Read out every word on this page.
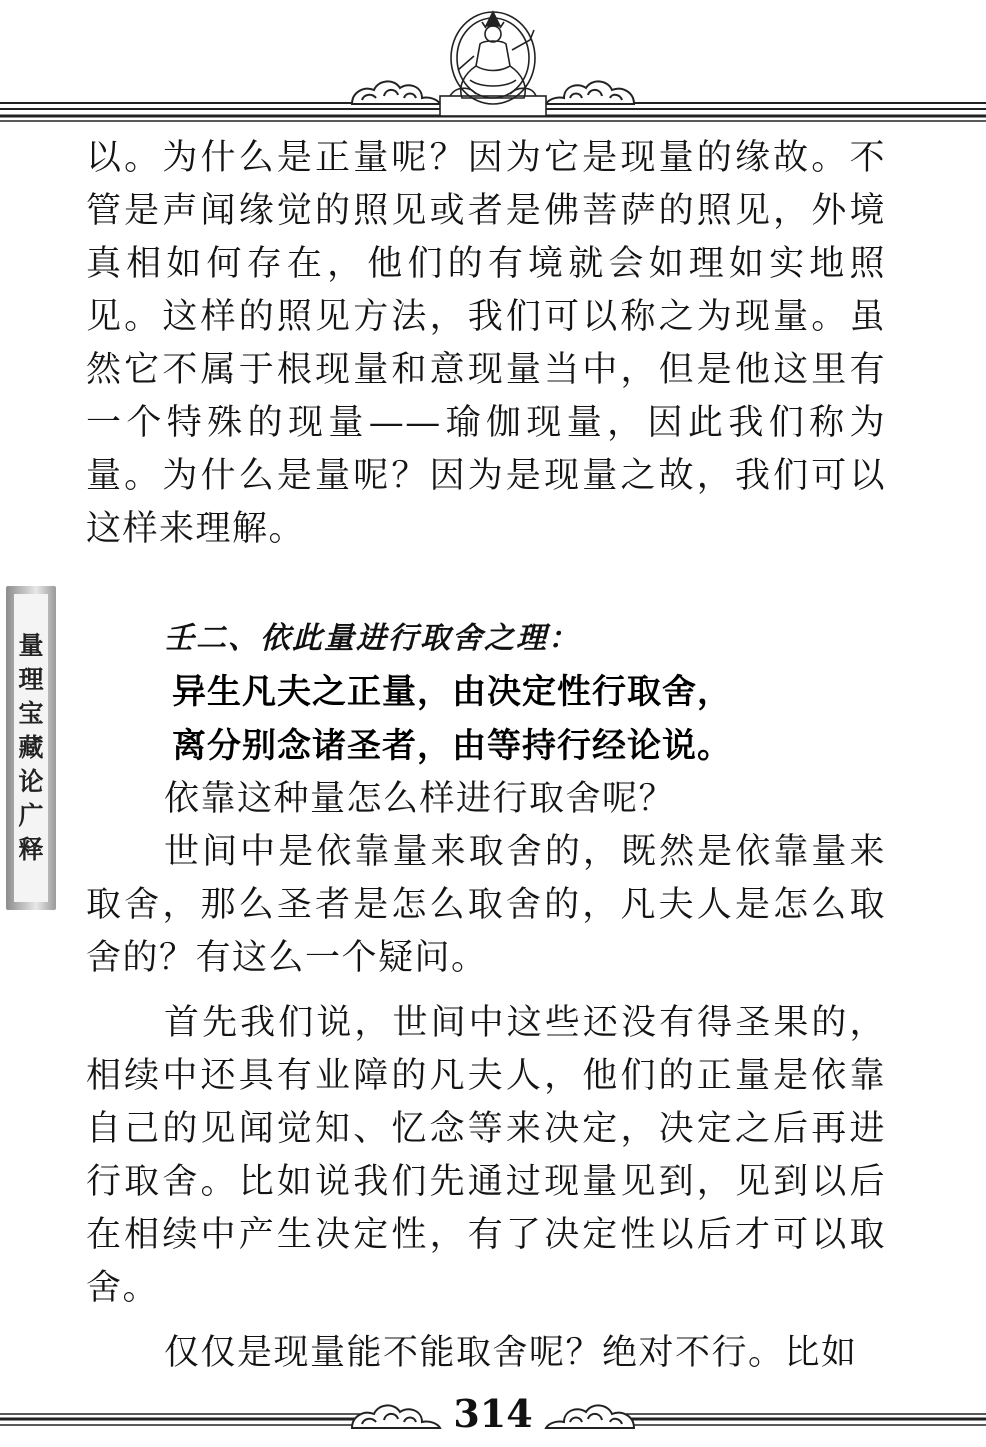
以。为什么是正量呢？因为它是现量的缘故。不管是声闻缘觉的照见或者是佛菩萨的照见，外境真相如何存在，他们的有境就会如理如实地照见。这样的照见方法，我们可以称之为现量。虽然它不属于根现量和意现量当中，但是他这里有一个特殊的现量——瑜伽现量，因此我们称为量。为什么是量呢？因为是现量之故，我们可以这样来理解。

壬二、依此量进行取舍之理：
异生凡夫之正量，由决定性行取舍，
离分别念诸圣者，由等持行经论说。

依靠这种量怎么样进行取舍呢？

世间中是依靠量来取舍的，既然是依靠量来取舍，那么圣者是怎么取舍的，凡夫人是怎么取舍的？有这么一个疑问。

首先我们说，世间中这些还没有得圣果的，相续中还具有业障的凡夫人，他们的正量是依靠自己的见闻觉知、忆念等来决定，决定之后再进行取舍。比如说我们先通过现量见到，见到以后在相续中产生决定性，有了决定性以后才可以取舍。

仅仅是现量能不能取舍呢？绝对不行。比如

量
理
宝
藏
论
广
释
314
